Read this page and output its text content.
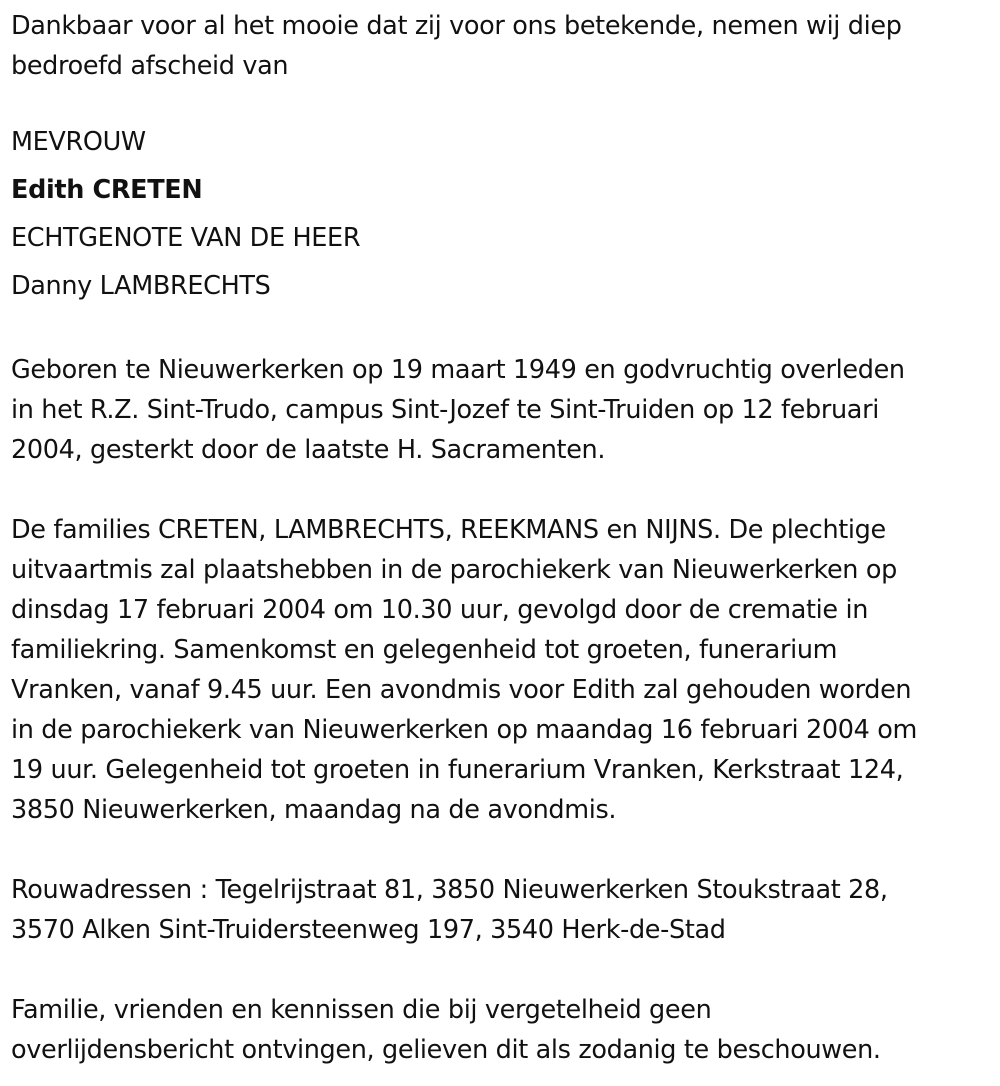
Dankbaar voor al het mooie dat zij voor ons betekende, nemen wij diep
bedroefd afscheid van

MEVROUW
Edith CRETEN
ECHTGENOTE VAN DE HEER
Danny LAMBRECHTS

Geboren te Nieuwerkerken op 19 maart 1949 en godvruchtig overleden
in het R.Z. Sint-Trudo, campus Sint-Jozef te Sint-Truiden op 12 februari
2004, gesterkt door de laatste H. Sacramenten.

De families CRETEN, LAMBRECHTS, REEKMANS en NIJNS. De plechtige
uitvaartmis zal plaatshebben in de parochiekerk van Nieuwerkerken op
dinsdag 17 februari 2004 om 10.30 uur, gevolgd door de crematie in
familiekring. Samenkomst en gelegenheid tot groeten, funerarium
Vranken, vanaf 9.45 uur. Een avondmis voor Edith zal gehouden worden
in de parochiekerk van Nieuwerkerken op maandag 16 februari 2004 om
19 uur. Gelegenheid tot groeten in funerarium Vranken, Kerkstraat 124,
3850 Nieuwerkerken, maandag na de avondmis.

Rouwadressen : Tegelrijstraat 81, 3850 Nieuwerkerken Stoukstraat 28,
3570 Alken Sint-Truidersteenweg 197, 3540 Herk-de-Stad

Familie, vrienden en kennissen die bij vergetelheid geen
overlijdensbericht ontvingen, gelieven dit als zodanig te beschouwen.
